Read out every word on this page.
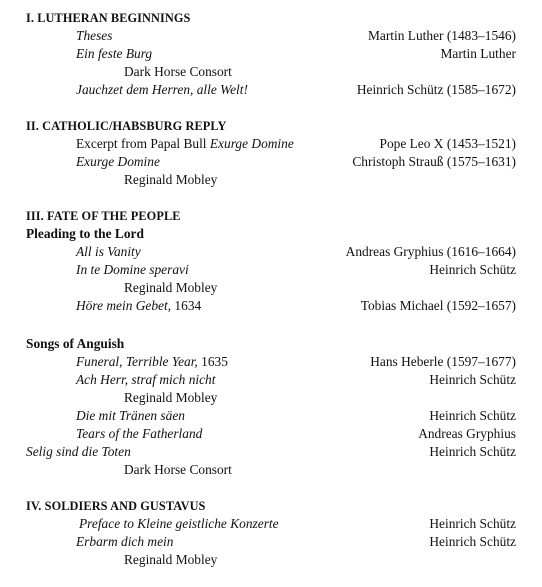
I. LUTHERAN BEGINNINGS
Theses	Martin Luther (1483–1546)
Ein feste Burg	Martin Luther
Dark Horse Consort
Jauchzet dem Herren, alle Welt!	Heinrich Schütz (1585–1672)
II. CATHOLIC/HABSBURG REPLY
Excerpt from Papal Bull Exurge Domine	Pope Leo X (1453–1521)
Exurge Domine	Christoph Strauß (1575–1631)
Reginald Mobley
III. FATE OF THE PEOPLE
Pleading to the Lord
All is Vanity	Andreas Gryphius (1616–1664)
In te Domine speravi	Heinrich Schütz
Reginald Mobley
Höre mein Gebet, 1634	Tobias Michael (1592–1657)
Songs of Anguish
Funeral, Terrible Year, 1635	Hans Heberle (1597–1677)
Ach Herr, straf mich nicht	Heinrich Schütz
Reginald Mobley
Die mit Tränen säen	Heinrich Schütz
Tears of the Fatherland	Andreas Gryphius
Selig sind die Toten	Heinrich Schütz
Dark Horse Consort
IV. SOLDIERS AND GUSTAVUS
Preface to Kleine geistliche Konzerte	Heinrich Schütz
Erbarm dich mein	Heinrich Schütz
Reginald Mobley
